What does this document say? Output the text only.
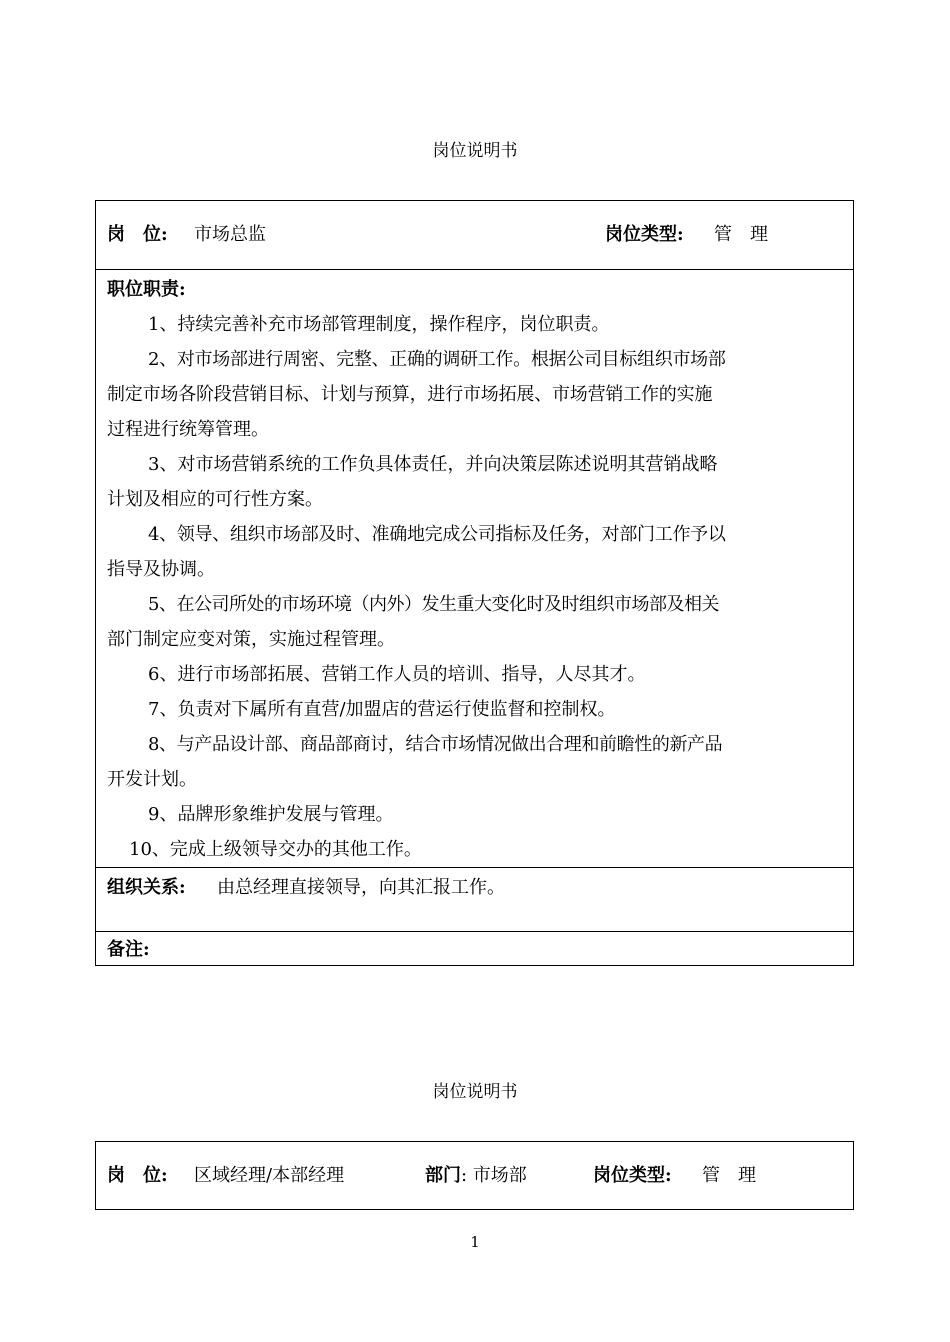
岗位说明书
岗　位: 市场总监	岗位类型: 管　理
职位职责:
1、持续完善补充市场部管理制度，操作程序，岗位职责。
2、对市场部进行周密、完整、正确的调研工作。根据公司目标组织市场部
制定市场各阶段营销目标、计划与预算，进行市场拓展、市场营销工作的实施
过程进行统筹管理。
3、对市场营销系统的工作负具体责任，并向决策层陈述说明其营销战略
计划及相应的可行性方案。
4、领导、组织市场部及时、准确地完成公司指标及任务，对部门工作予以
指导及协调。
5、在公司所处的市场环境（内外）发生重大变化时及时组织市场部及相关
部门制定应变对策，实施过程管理。
6、进行市场部拓展、营销工作人员的培训、指导，人尽其才。
7、负责对下属所有直营/加盟店的营运行使监督和控制权。
8、与产品设计部、商品部商讨，结合市场情况做出合理和前瞻性的新产品
开发计划。
9、品牌形象维护发展与管理。
10、完成上级领导交办的其他工作。
组织关系: 由总经理直接领导，向其汇报工作。
备注:
岗位说明书
岗　位: 区域经理/本部经理	部门 : 市场部	岗位类型: 管　理
1
